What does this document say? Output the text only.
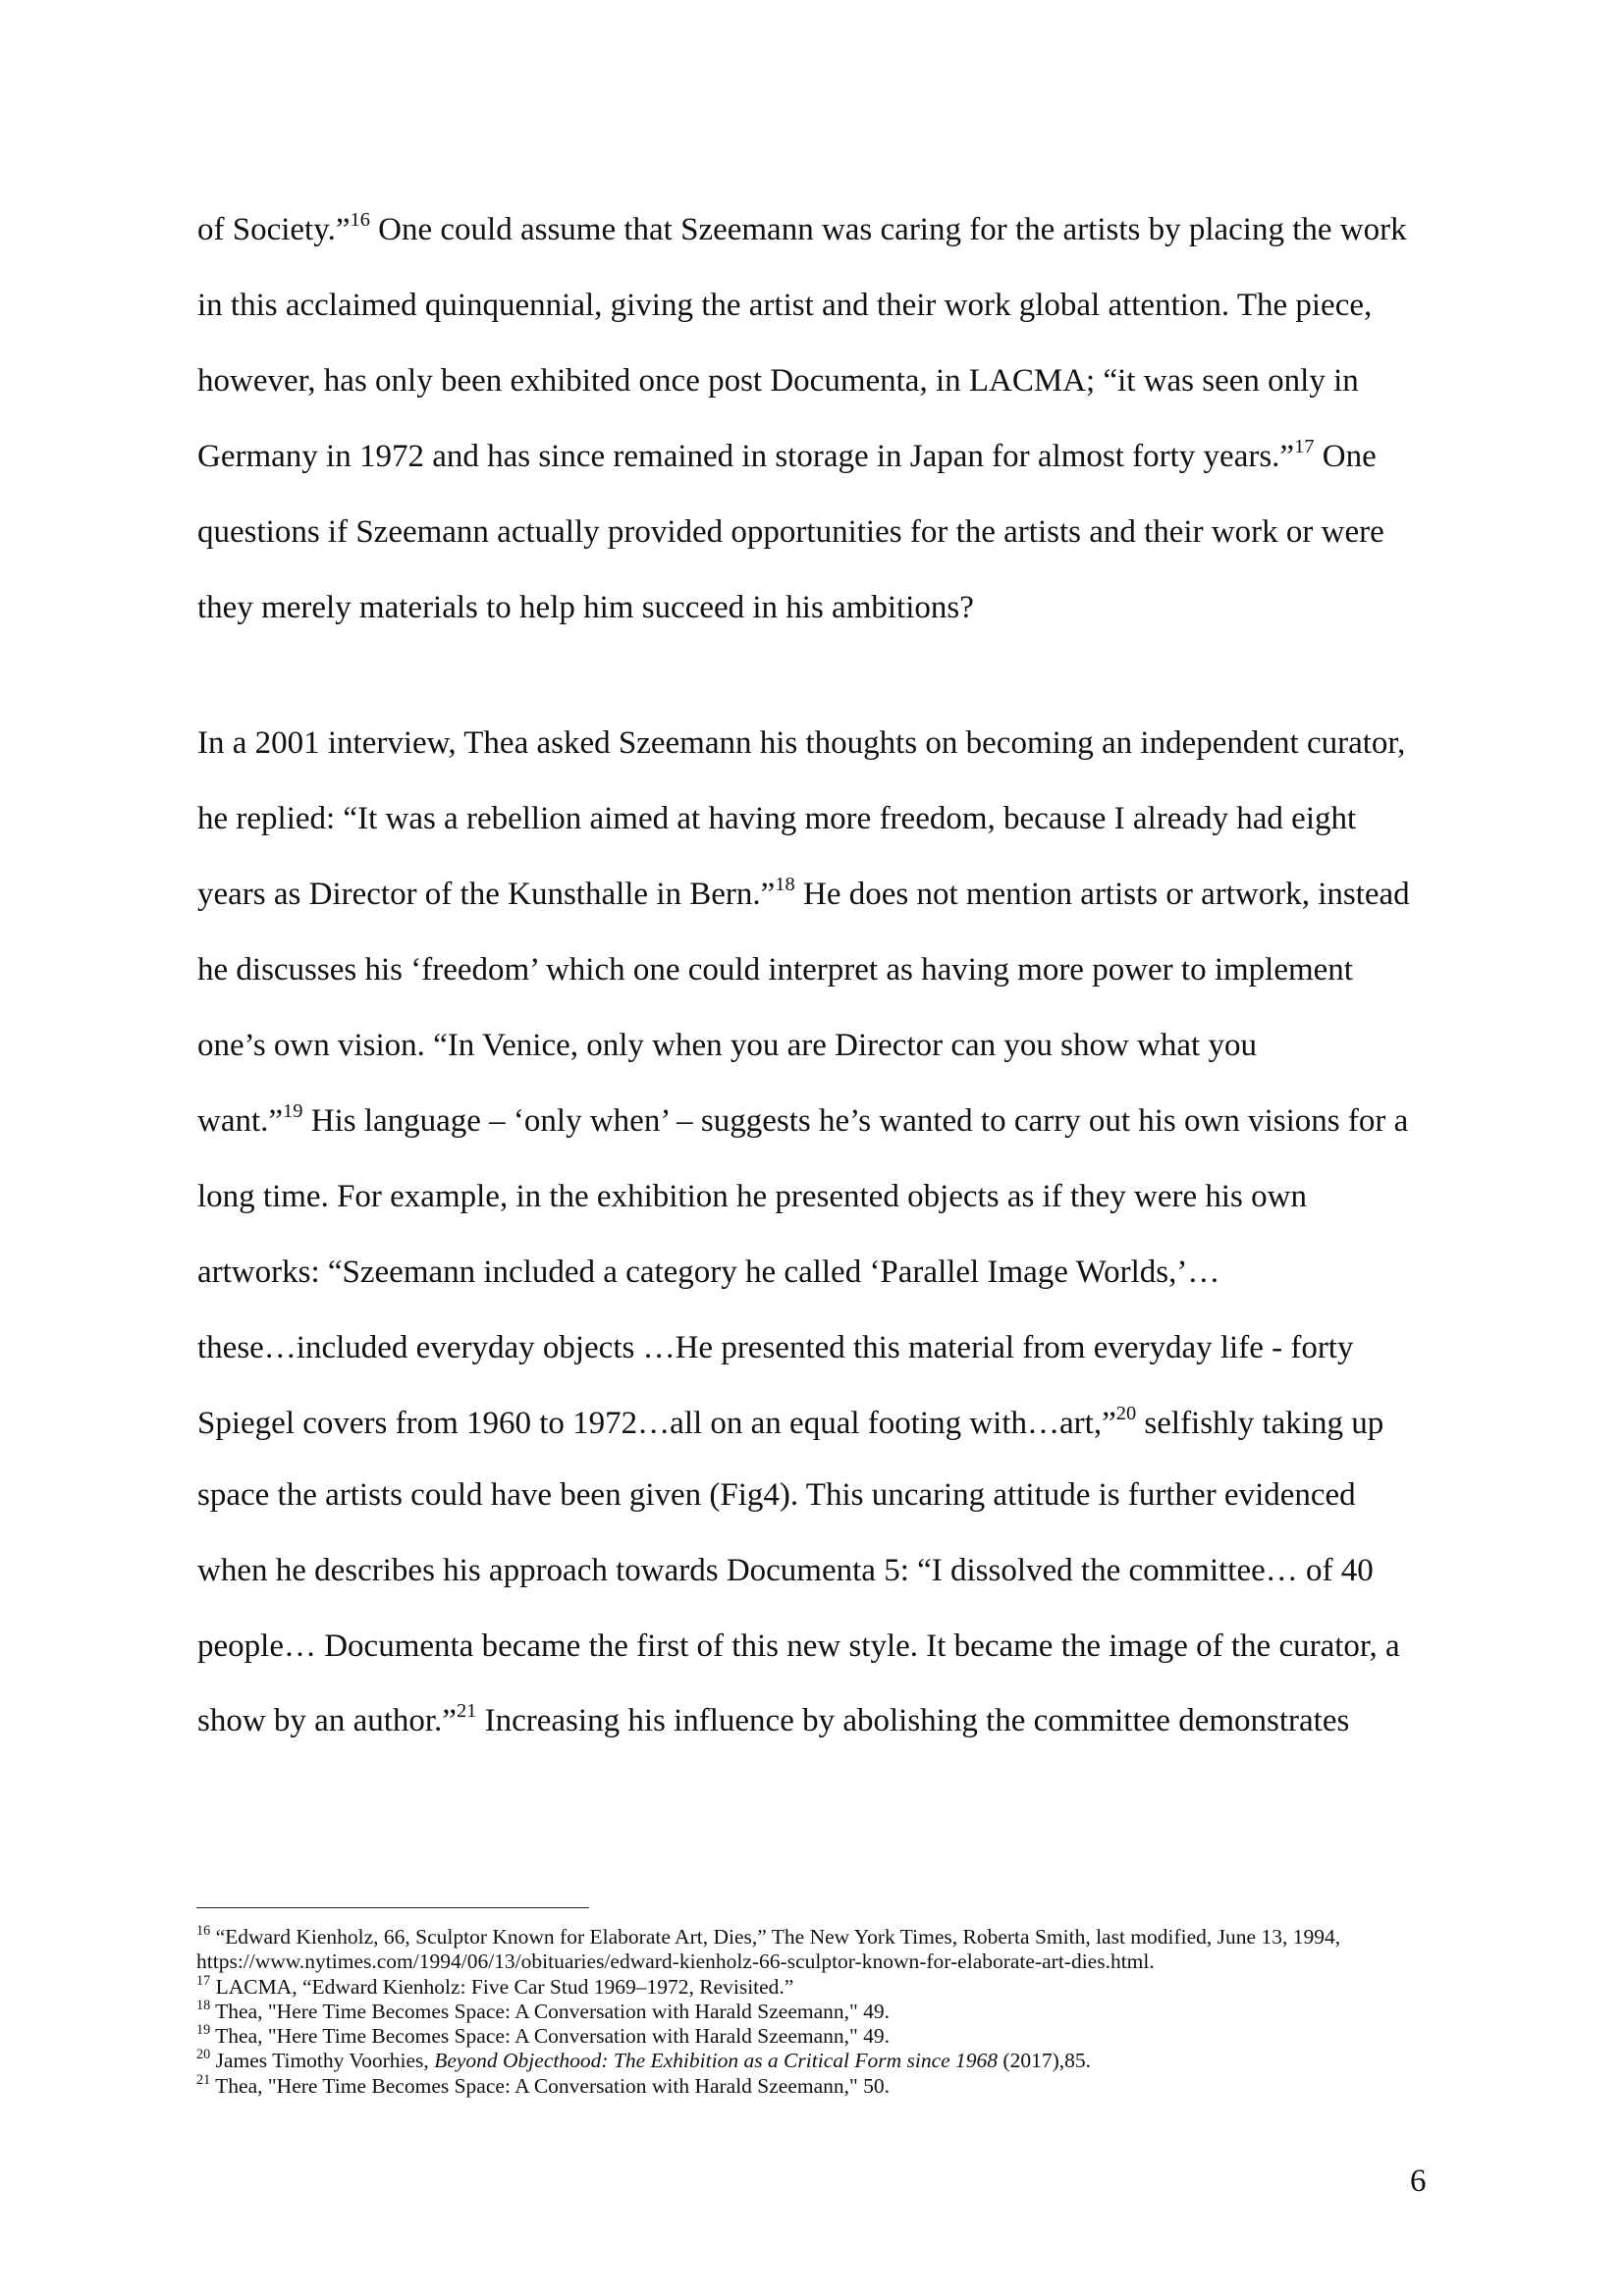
of Society.”$^{16}$ One could assume that Szeemann was caring for the artists by placing the work
in this acclaimed quinquennial, giving the artist and their work global attention. The piece,
however, has only been exhibited once post Documenta, in LACMA; “it was seen only in
Germany in 1972 and has since remained in storage in Japan for almost forty years.”$^{17}$ One
questions if Szeemann actually provided opportunities for the artists and their work or were
they merely materials to help him succeed in his ambitions?
In a 2001 interview, Thea asked Szeemann his thoughts on becoming an independent curator,
he replied: “It was a rebellion aimed at having more freedom, because I already had eight
years as Director of the Kunsthalle in Bern.”$^{18}$ He does not mention artists or artwork, instead
he discusses his ‘freedom’ which one could interpret as having more power to implement
one’s own vision. “In Venice, only when you are Director can you show what you
want.”$^{19}$ His language – ‘only when’ – suggests he’s wanted to carry out his own visions for a
long time. For example, in the exhibition he presented objects as if they were his own
artworks: “Szeemann included a category he called ‘Parallel Image Worlds,’…
these…included everyday objects …He presented this material from everyday life - forty
Spiegel covers from 1960 to 1972…all on an equal footing with…art,”$^{20}$ selfishly taking up
space the artists could have been given (Fig4). This uncaring attitude is further evidenced
when he describes his approach towards Documenta 5: “I dissolved the committee… of 40
people… Documenta became the first of this new style. It became the image of the curator, a
show by an author.”$^{21}$ Increasing his influence by abolishing the committee demonstrates
$^{16}$ “Edward Kienholz, 66, Sculptor Known for Elaborate Art, Dies,” The New York Times, Roberta Smith, last modified, June 13, 1994,
https://www.nytimes.com/1994/06/13/obituaries/edward-kienholz-66-sculptor-known-for-elaborate-art-dies.html.
$^{17}$ LACMA, “Edward Kienholz: Five Car Stud 1969–1972, Revisited.”
$^{18}$ Thea, "Here Time Becomes Space: A Conversation with Harald Szeemann," 49.
$^{19}$ Thea, "Here Time Becomes Space: A Conversation with Harald Szeemann," 49.
$^{20}$ James Timothy Voorhies, Beyond Objecthood: The Exhibition as a Critical Form since 1968 (2017),85.
$^{21}$ Thea, "Here Time Becomes Space: A Conversation with Harald Szeemann," 50.
6
